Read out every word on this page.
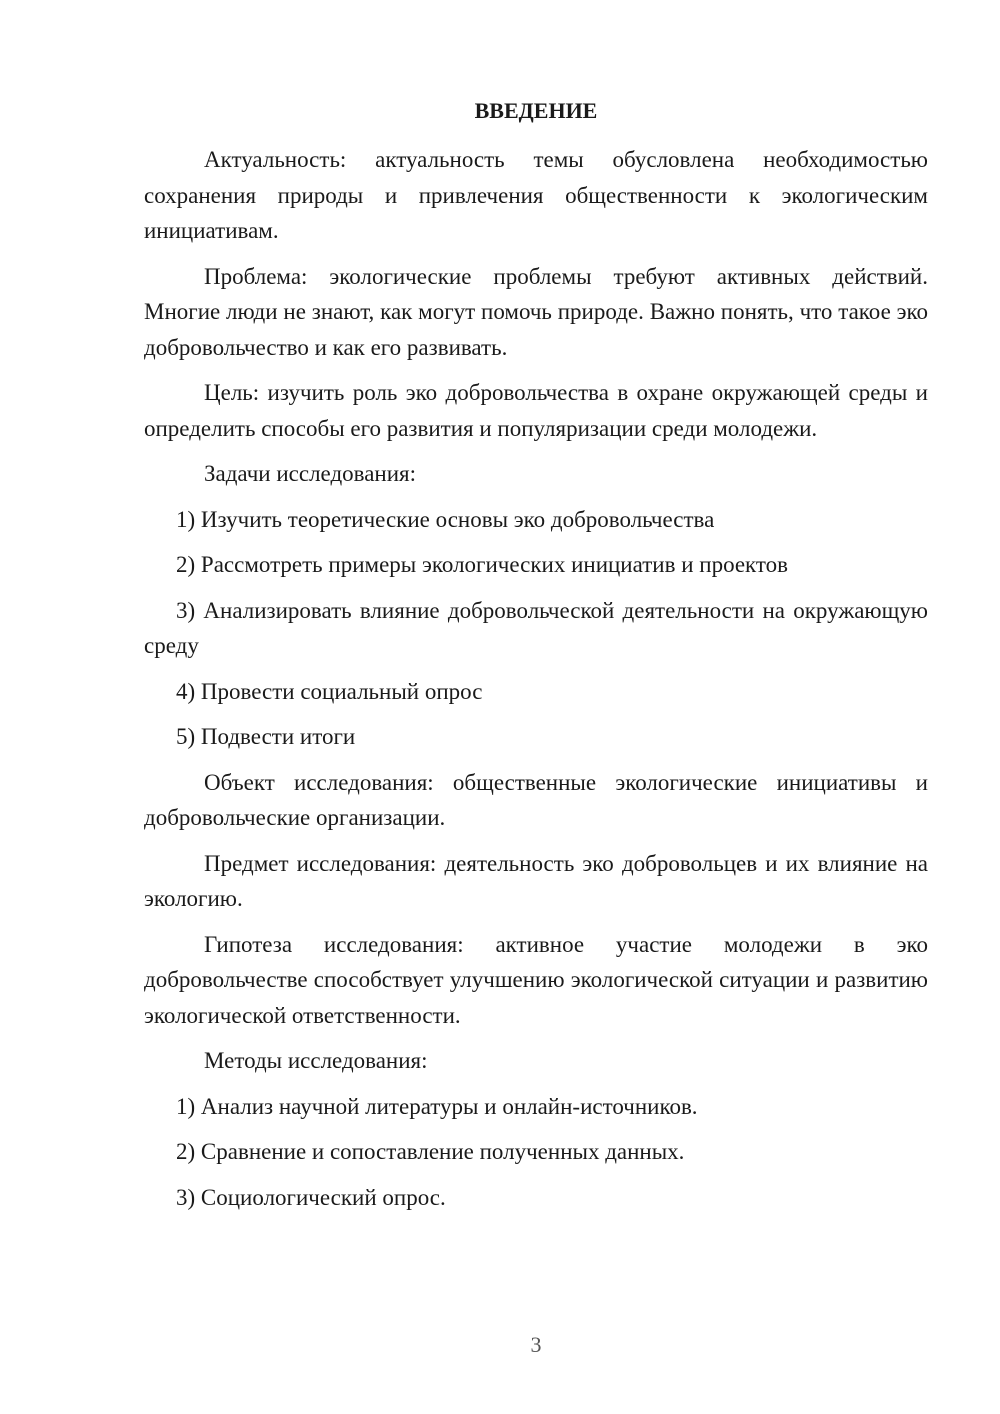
ВВЕДЕНИЕ

Актуальность: актуальность темы обусловлена необходимостью сохранения природы и привлечения общественности к экологическим инициативам.

Проблема: экологические проблемы требуют активных действий. Многие люди не знают, как могут помочь природе. Важно понять, что такое эко добровольчество и как его развивать.

Цель: изучить роль эко добровольчества в охране окружающей среды и определить способы его развития и популяризации среди молодежи.

Задачи исследования:

1) Изучить теоретические основы эко добровольчества

2) Рассмотреть примеры экологических инициатив и проектов

3) Анализировать влияние добровольческой деятельности на окружающую среду

4) Провести социальный опрос

5) Подвести итоги

Объект исследования: общественные экологические инициативы и добровольческие организации.

Предмет исследования: деятельность эко добровольцев и их влияние на экологию.

Гипотеза исследования: активное участие молодежи в эко добровольчестве способствует улучшению экологической ситуации и развитию экологической ответственности.

Методы исследования:

1) Анализ научной литературы и онлайн-источников.

2) Сравнение и сопоставление полученных данных.

3) Социологический опрос.

3
